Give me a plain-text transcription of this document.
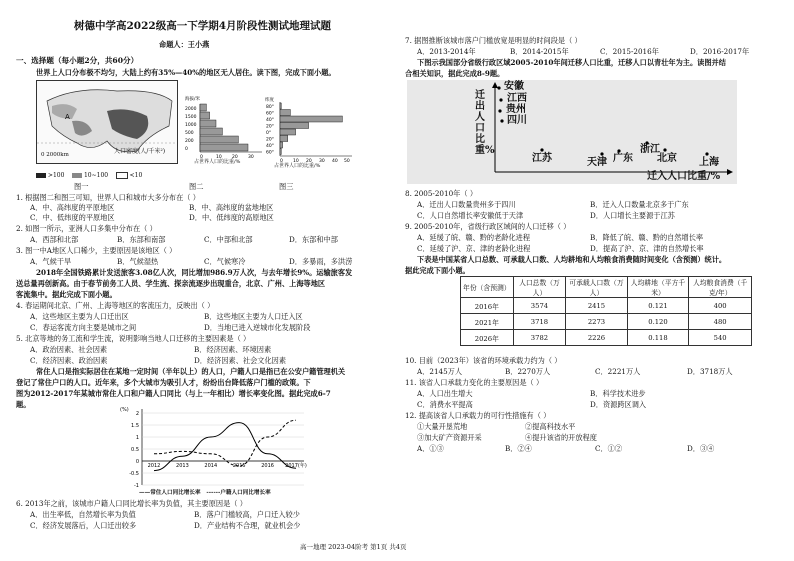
树德中学高2022级高一下学期4月阶段性测试地理试题
命题人：王小燕
一、选择题（每小题2分，共60分）
世界上人口分布极不均匀，大陆上约有35%—40%的地区无人居住。读下图，完成下面小题。
A
0 2000km	人口密度(人/千米²)
>100	10~100	<10
海拔/米
2000
1500
1000
500
200
0
0	10 20 30
占世界人口的比重/%
纬度
0 10 20 30 40 50
80°
60°
40°
20°
0°
20°
40°
60°
占世界人口的比重/%
图一	图二	图三
1. 根据图二和图三可知，世界人口和城市大多分布在（ ）
A．中、高纬度的平原地区	B．中、高纬度的盆地地区
C．中、低纬度的平原地区	D．中、低纬度的高原地区
2. 如图一所示，亚洲人口多集中分布在（ ）
A．西部和北部	B．东部和南部	C．中部和北部	D．东部和中部
3. 图一中A地区人口稀少，主要原因是该地区（ ）
A．气候干旱	B．气候湿热	C．气候寒冷	D．多暴雨，多洪涝
2018年全国铁路累计发送旅客3.08亿人次，同比增加986.9万人次，与去年增长9%。运输旅客发
送总量再创新高。由于春节前务工人员、学生流、探亲流逐步出现重合，北京、广州、上海等地区
客流集中。据此完成下面小题。
4. 春运期间北京、广州、上海等地区的客流压力，反映出（ ）
A．这些地区主要为人口迁出区	B．这些地区主要为人口迁入区
C．春运客流方向主要是城市之间	D．当地已进入逆城市化发展阶段
5. 北京等地的务工流和学生流，说明影响当地人口迁移的主要因素是（ ）
A．政治因素、社会因素	B．经济因素、环境因素
C．经济因素、政治因素	D．经济因素、社会文化因素
常住人口是指实际居住在某地一定时间（半年以上）的人口，户籍人口是指已在公安户籍管理机关
登记了常住户口的人口。近年来，多个大城市为吸引人才，纷纷出台降低落户门槛的政策。下
图为2012-2017年某城市常住人口和户籍人口同比（与上一年相比）增长率变化图。据此完成6-7
题。
(%)
2
1.5
1
0.5
0
-0.5
-1
2012	2013	2014	2015	2016 2017(年)
——常住人口同比增长率 ------户籍人口同比增长率
6. 2013年之前，该城市户籍人口同比增长率为负值，其主要原因是（ ）
A．出生率低，自然增长率为负值	B．落户门槛较高，户口迁入较少
C．经济发展落后，人口迁出较多	D．产业结构不合理，就业机会少
7. 据图推断该城市落户门槛放宽是明显的时间段是（ ）
A．2013-2014年	B．2014-2015年	C．2015-2016年	D．2016-2017年
下图示我国部分省级行政区域2005-2010年间迁移人口比重，迁移人口以青壮年为主。读图并结
合相关知识，据此完成8-9题。
迁出人口比重%
安徽
江西
贵州
四川
江苏	天津 广东
浙江
北京 上海
迁入人口比重/%
8. 2005-2010年（ ）
A．迁出人口数量贵州多于四川	B．迁入人口数量北京多于广东
C．人口自然增长率安徽低于天津	D．人口增长主要源于江苏
9. 2005-2010年，省级行政区域间的人口迁移（ ）
A．延缓了皖、赣、黔的老龄化进程	B．降低了皖、赣、黔的自然增长率
C．延缓了沪、京、津的老龄化进程	D．提高了沪、京、津的自然增长率
下表是中国某省人口总数、可承载人口数、人均耕地和人均粮食消费随时间变化（含预测）统计。
据此完成下面小题。
年份（含预测）	人口总数（万人）	可承载人口数（万人）	人均耕地（平方千米）	人均粮食消费（千克/年）
2016年	3574	2415	0.121	400
2021年	3718	2273	0.120	480
2026年	3782	2226	0.118	540
10. 目前（2023年）该省的环境承载力约为（ ）
A．2145万人	B．2270万人	C．2221万人	D．3718万人
11. 该省人口承载力变化的主要原因是（ ）
A．人口出生增大	B．科学技术进步
C．消费水平提高	D．资源跨区调入
12. 提高该省人口承载力的可行性措施有（ ）
①大量开垦荒地	②提高科技水平
③加大矿产资源开采	④提升该省的开放程度
A．①③	B．②④	C．①②	D．③④
高一地理 2023-04阶考 第1页 共4页
